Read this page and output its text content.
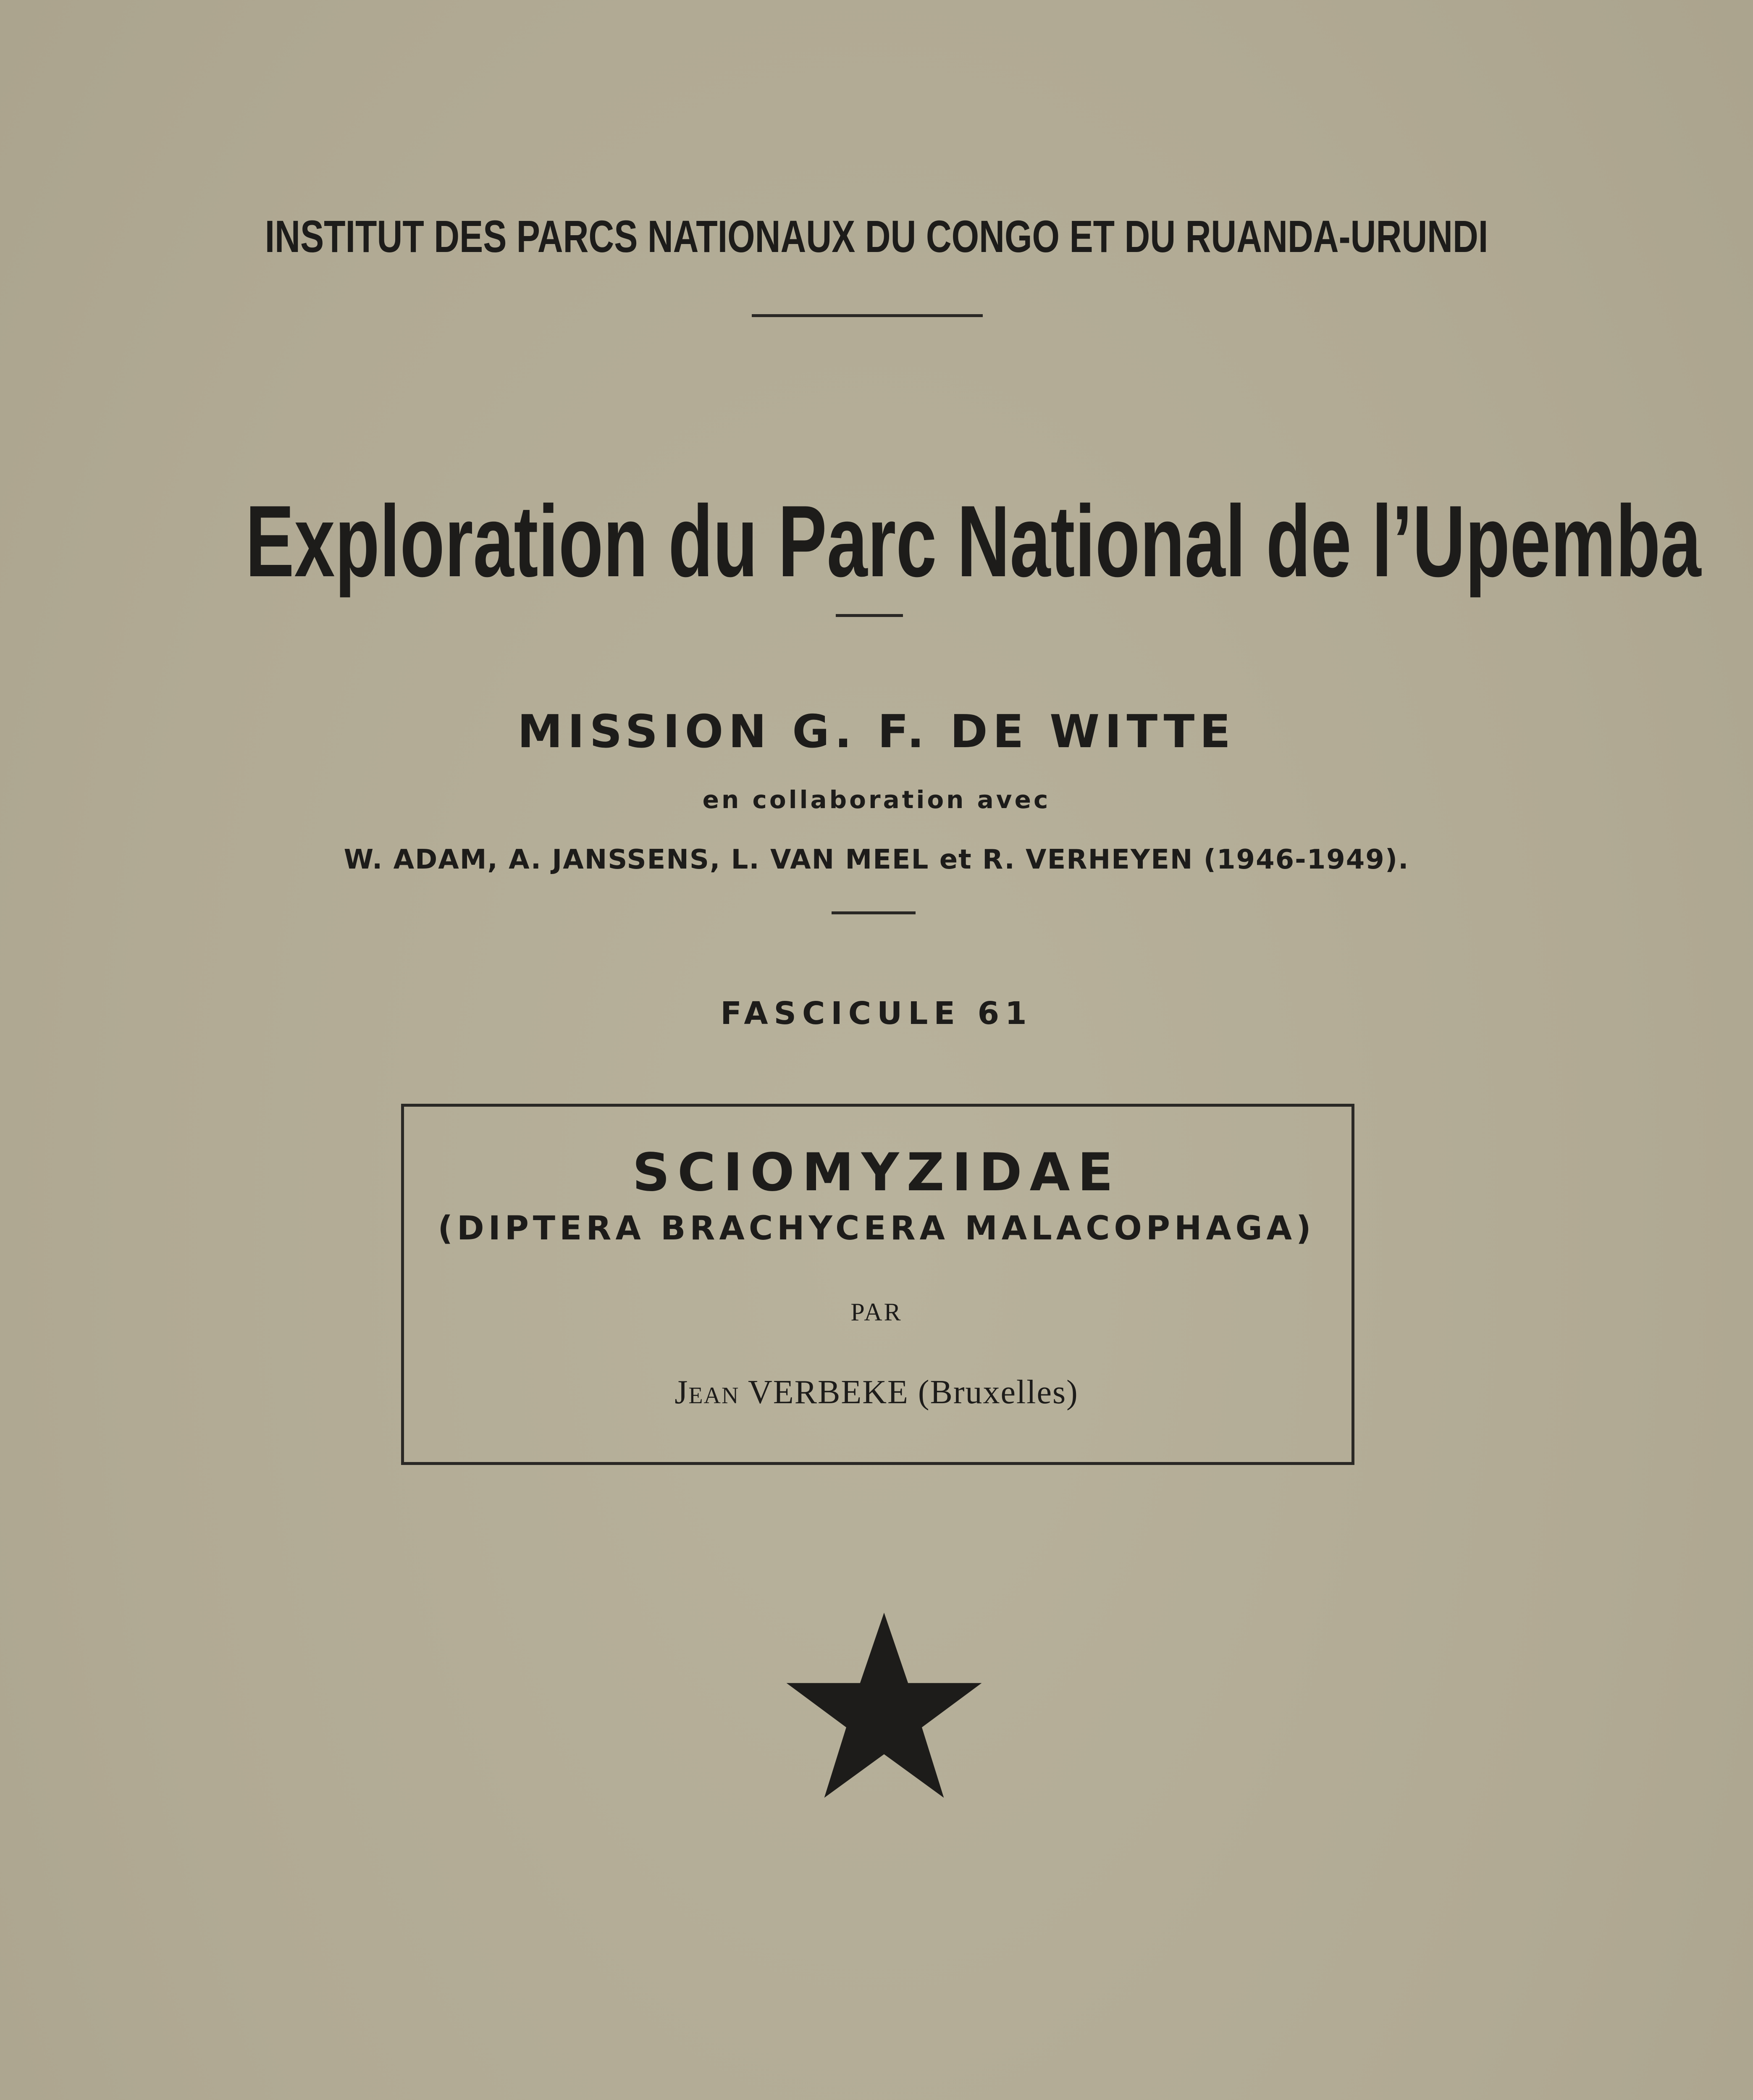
INSTITUT DES PARCS NATIONAUX DU CONGO ET DU RUANDA-URUNDI
Exploration du Parc National de l’Upemba
MISSION G. F. DE WITTE
en collaboration avec
W. ADAM, A. JANSSENS, L. VAN MEEL et R. VERHEYEN (1946-1949).
FASCICULE 61
SCIOMYZIDAE
(DIPTERA BRACHYCERA MALACOPHAGA)
PAR
Jean VERBEKE (Bruxelles)
